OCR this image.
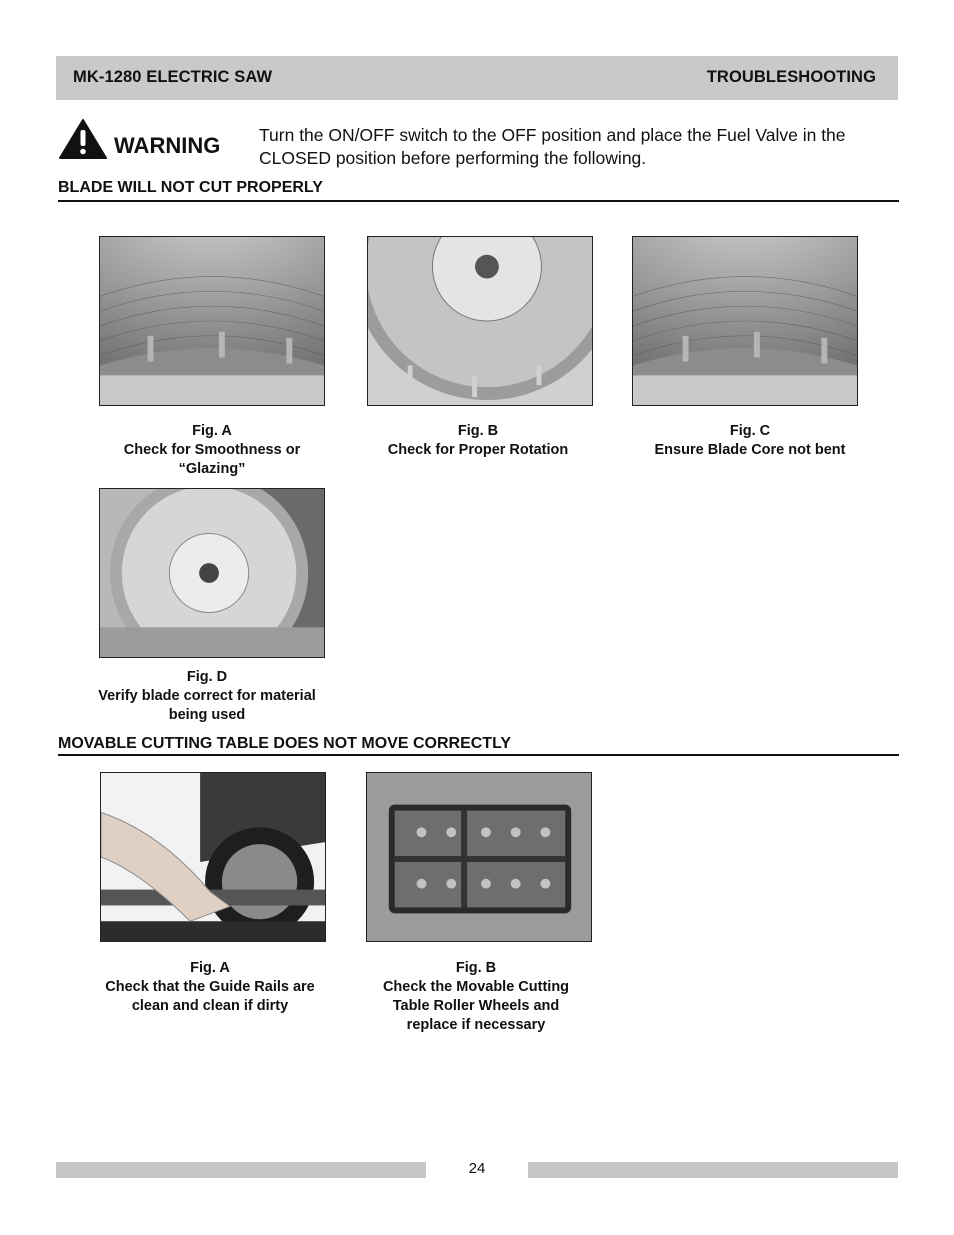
MK-1280 ELECTRIC SAW	TROUBLESHOOTING
WARNING Turn the ON/OFF switch to the OFF position and place the Fuel Valve in the CLOSED position before performing the following.
BLADE WILL NOT CUT PROPERLY
Fig. A
Check for Smoothness or “Glazing”
Fig. B
Check for Proper Rotation
Fig. C
Ensure Blade Core not bent
Fig. D
Verify blade correct for material being used
MOVABLE CUTTING TABLE DOES NOT MOVE CORRECTLY
Fig. A
Check that the Guide Rails are clean and clean if dirty
Fig. B
Check the Movable Cutting Table Roller Wheels and replace if necessary
24
